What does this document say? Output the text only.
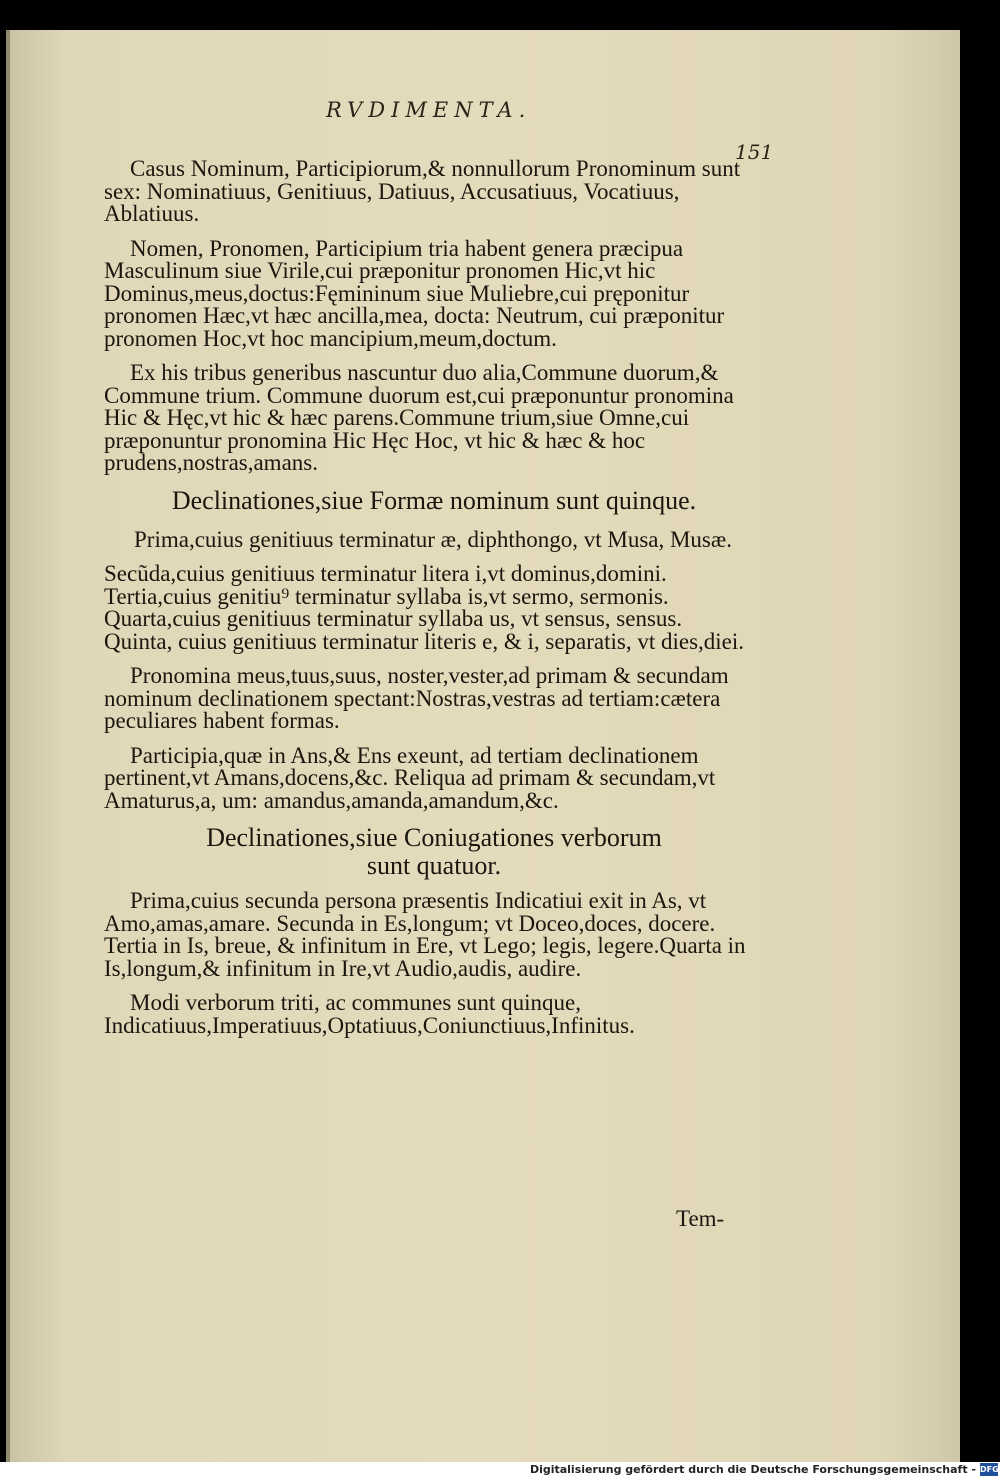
RVDIMENTA.
151

Casus Nominum, Participiorum,& nonnullorum Pronominum sunt sex: Nominatiuus, Genitiuus, Datiuus, Accusatiuus, Vocatiuus, Ablatiuus.

Nomen, Pronomen, Participium tria habent genera præcipua Masculinum siue Virile,cui præponitur pronomen Hic,vt hic Dominus,meus,doctus:Fęmininum siue Muliebre,cui pręponitur pronomen Hæc,vt hæc ancilla,mea, docta: Neutrum, cui præponitur pronomen Hoc,vt hoc mancipium,meum,doctum.

Ex his tribus generibus nascuntur duo alia,Commune duorum,& Commune trium. Commune duorum est,cui præponuntur pronomina Hic & Hęc,vt hic & hæc parens.Commune trium,siue Omne,cui præponuntur pronomina Hic Hęc Hoc, vt hic & hæc & hoc prudens,nostras,amans.

Declinationes,siue Formæ nominum sunt quinque.

Prima,cuius genitiuus terminatur æ, diphthongo, vt Musa, Musæ.

Secũda,cuius genitiuus terminatur litera i,vt dominus,domini.

Tertia,cuius genitiu⁹ terminatur syllaba is,vt sermo, sermonis.

Quarta,cuius genitiuus terminatur syllaba us, vt sensus, sensus.

Quinta, cuius genitiuus terminatur literis e, & i, separatis, vt dies,diei.

Pronomina meus,tuus,suus, noster,vester,ad primam & secundam nominum declinationem spectant:Nostras,vestras ad tertiam:cætera peculiares habent formas.

Participia,quæ in Ans,& Ens exeunt, ad tertiam declinationem pertinent,vt Amans,docens,&c. Reliqua ad primam & secundam,vt Amaturus,a, um: amandus,amanda,amandum,&c.

Declinationes,siue Coniugationes verborum
sunt quatuor.

Prima,cuius secunda persona præsentis Indicatiui exit in As, vt Amo,amas,amare. Secunda in Es,longum; vt Doceo,doces, docere. Tertia in Is, breue, & infinitum in Ere, vt Lego; legis, legere.Quarta in Is,longum,& infinitum in Ire,vt Audio,audis, audire.

Modi verborum triti, ac communes sunt quinque, Indicatiuus,Imperatiuus,Optatiuus,Coniunctiuus,Infinitus.

Tem-
Digitalisierung gefördert durch die Deutsche Forschungsgemeinschaft - DFG
